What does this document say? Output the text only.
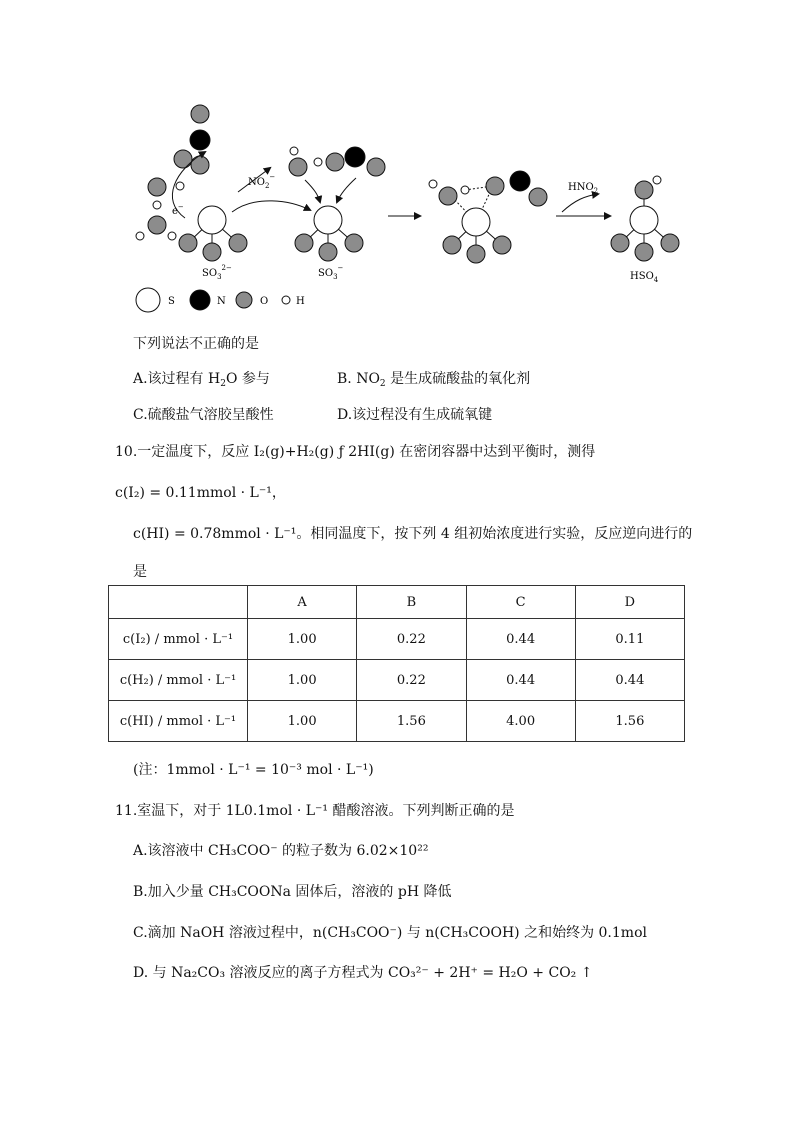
e−
$SO_3^{2-}$
$NO_2^-$
$SO_3^-$
$HNO_2$
$HSO_4$
S	N	O	H
下列说法不正确的是
A.该过程有 $H_2O$ 参与	B. $NO_2$ 是生成硫酸盐的氧化剂
C.硫酸盐气溶胶呈酸性	D.该过程没有生成硫氧键
10.一定温度下，反应 I₂(g)+H₂(g) ƒ 2HI(g) 在密闭容器中达到平衡时，测得
c(I₂) = 0.11mmol · L⁻¹，
c(HI) = 0.78mmol · L⁻¹。相同温度下，按下列 4 组初始浓度进行实验，反应逆向进行的
是
	A	B	C	D
c(I₂) / mmol · L⁻¹	1.00	0.22	0.44	0.11
c(H₂) / mmol · L⁻¹	1.00	0.22	0.44	0.44
c(HI) / mmol · L⁻¹	1.00	1.56	4.00	1.56
(注：1mmol · L⁻¹ = 10⁻³ mol · L⁻¹)
11.室温下，对于 1L0.1mol · L⁻¹ 醋酸溶液。下列判断正确的是
A.该溶液中 CH₃COO⁻ 的粒子数为 6.02×10²²
B.加入少量 CH₃COONa 固体后，溶液的 pH 降低
C.滴加 NaOH 溶液过程中，n(CH₃COO⁻) 与 n(CH₃COOH) 之和始终为 0.1mol
D. 与 Na₂CO₃ 溶液反应的离子方程式为 CO₃²⁻ + 2H⁺ = H₂O + CO₂ ↑
